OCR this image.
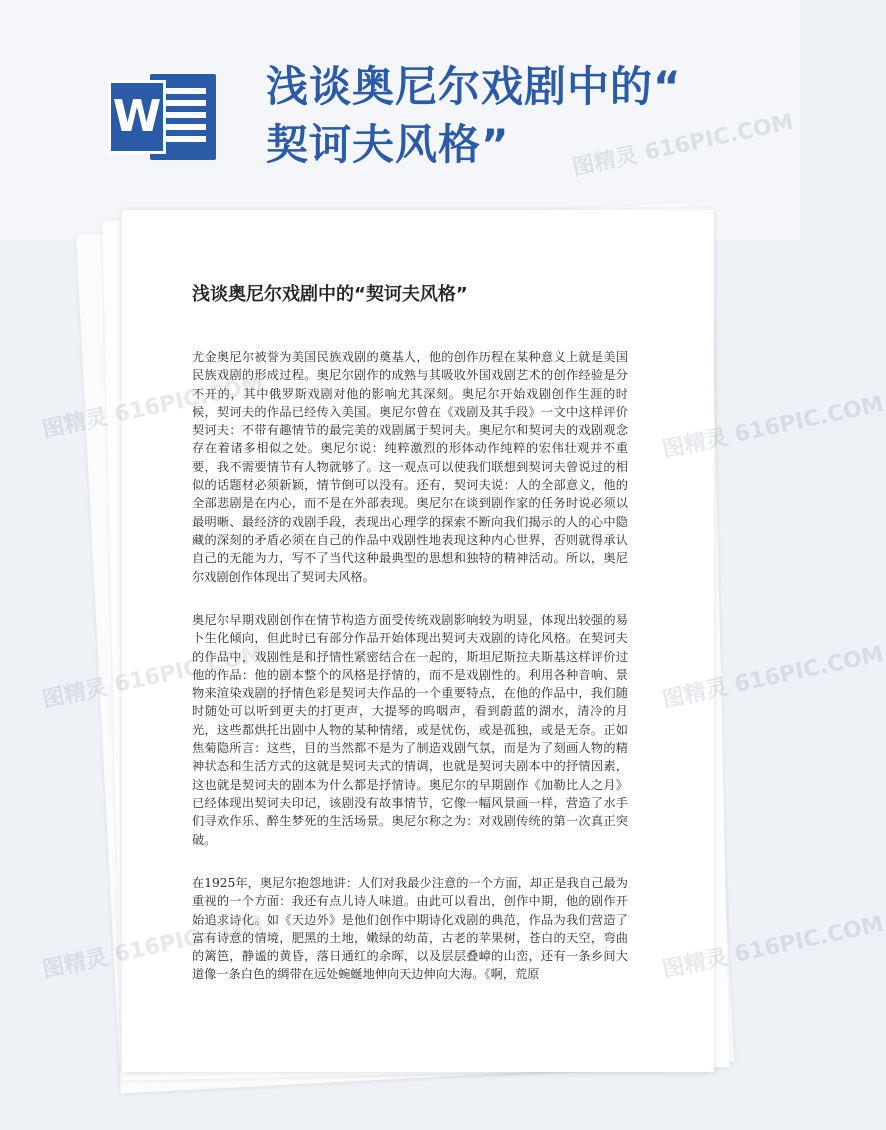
W
浅谈奥尼尔戏剧中的“
契诃夫风格”
浅谈奥尼尔戏剧中的“契诃夫风格”

尤金奥尼尔被誉为美国民族戏剧的奠基人，他的创作历程在某种意义上就是美国民族戏剧的形成过程。奥尼尔剧作的成熟与其吸收外国戏剧艺术的创作经验是分不开的，其中俄罗斯戏剧对他的影响尤其深刻。奥尼尔开始戏剧创作生涯的时候，契诃夫的作品已经传入美国。奥尼尔曾在《戏剧及其手段》一文中这样评价契诃夫：不带有趣情节的最完美的戏剧属于契诃夫。奥尼尔和契诃夫的戏剧观念存在着诸多相似之处。奥尼尔说：纯粹激烈的形体动作纯粹的宏伟壮观并不重要，我不需要情节有人物就够了。这一观点可以使我们联想到契诃夫曾说过的相似的话题材必须新颖，情节倒可以没有。还有，契诃夫说：人的全部意义，他的全部悲剧是在内心，而不是在外部表现。奥尼尔在谈到剧作家的任务时说必须以最明晰、最经济的戏剧手段，表现出心理学的探索不断向我们揭示的人的心中隐藏的深刻的矛盾必须在自己的作品中戏剧性地表现这种内心世界，否则就得承认自己的无能为力，写不了当代这种最典型的思想和独特的精神活动。所以，奥尼尔戏剧创作体现出了契诃夫风格。

奥尼尔早期戏剧创作在情节构造方面受传统戏剧影响较为明显，体现出较强的易卜生化倾向，但此时已有部分作品开始体现出契诃夫戏剧的诗化风格。在契诃夫的作品中，戏剧性是和抒情性紧密结合在一起的，斯坦尼斯拉夫斯基这样评价过他的作品：他的剧本整个的风格是抒情的，而不是戏剧性的。利用各种音响、景物来渲染戏剧的抒情色彩是契诃夫作品的一个重要特点，在他的作品中，我们随时随处可以听到更夫的打更声，大提琴的呜咽声，看到蔚蓝的湖水，清冷的月光，这些都烘托出剧中人物的某种情绪，或是忧伤，或是孤独，或是无奈。正如焦菊隐所言：这些，目的当然都不是为了制造戏剧气氛，而是为了刻画人物的精神状态和生活方式的这就是契诃夫式的情调，也就是契诃夫剧本中的抒情因素，这也就是契诃夫的剧本为什么都是抒情诗。奥尼尔的早期剧作《加勒比人之月》已经体现出契诃夫印记，该剧没有故事情节，它像一幅风景画一样，营造了水手们寻欢作乐、醉生梦死的生活场景。奥尼尔称之为：对戏剧传统的第一次真正突破。

在1925年，奥尼尔抱怨地讲：人们对我最少注意的一个方面，却正是我自己最为重视的一个方面：我还有点儿诗人味道。由此可以看出，创作中期，他的剧作开始追求诗化。如《天边外》是他们创作中期诗化戏剧的典范，作品为我们营造了富有诗意的情境，肥黑的土地，嫩绿的幼苗，古老的苹果树，苍白的天空，弯曲的篱笆，静谧的黄昏，落日通红的余晖，以及层层叠嶂的山峦，还有一条乡间大道像一条白色的绸带在远处蜿蜒地伸向天边伸向大海。《啊，荒原

图精灵 616PIC.COM
图精灵 616PIC.COM	图精灵 616PIC.COM
图精灵 616PIC.COM	图精灵 616PIC.COM
图精灵 616PIC.COM	图精灵 616PIC.COM
